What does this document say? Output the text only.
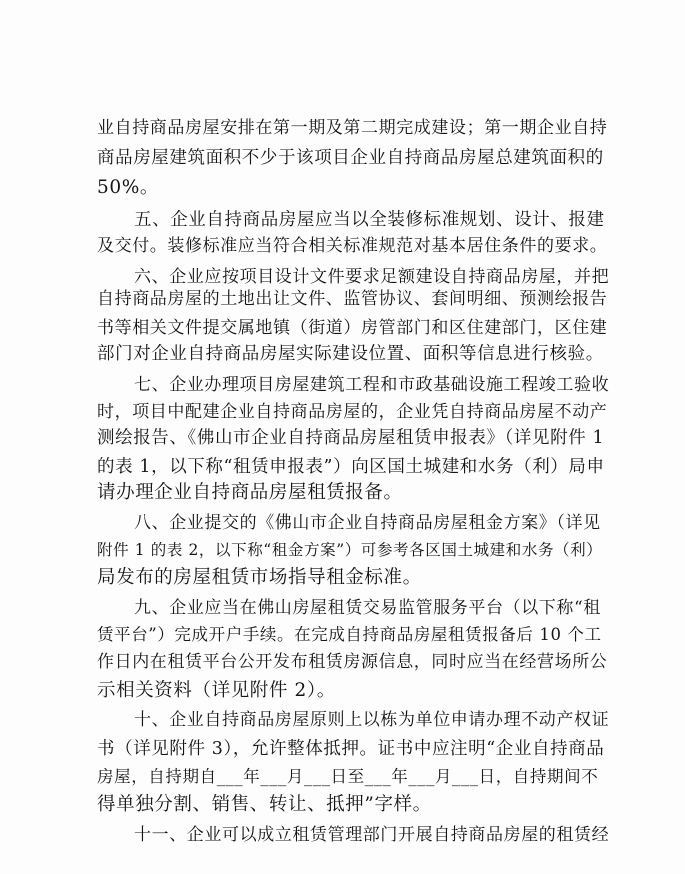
业自持商品房屋安排在第一期及第二期完成建设；第一期企业自持
商品房屋建筑面积不少于该项目企业自持商品房屋总建筑面积的
50%。
五、企业自持商品房屋应当以全装修标准规划、设计、报建
及交付。装修标准应当符合相关标准规范对基本居住条件的要求。
六、企业应按项目设计文件要求足额建设自持商品房屋，并把
自持商品房屋的土地出让文件、监管协议、套间明细、预测绘报告
书等相关文件提交属地镇（街道）房管部门和区住建部门，区住建
部门对企业自持商品房屋实际建设位置、面积等信息进行核验。
七、企业办理项目房屋建筑工程和市政基础设施工程竣工验收
时，项目中配建企业自持商品房屋的，企业凭自持商品房屋不动产
测绘报告、《佛山市企业自持商品房屋租赁申报表》（详见附件 1
的表 1，以下称“租赁申报表”）向区国土城建和水务（利）局申
请办理企业自持商品房屋租赁报备。
八、企业提交的《佛山市企业自持商品房屋租金方案》（详见
附件 1 的表 2，以下称“租金方案”）可参考各区国土城建和水务（利）
局发布的房屋租赁市场指导租金标准。
九、企业应当在佛山房屋租赁交易监管服务平台（以下称“租
赁平台”）完成开户手续。在完成自持商品房屋租赁报备后 10 个工
作日内在租赁平台公开发布租赁房源信息，同时应当在经营场所公
示相关资料（详见附件 2）。
十、企业自持商品房屋原则上以栋为单位申请办理不动产权证
书（详见附件 3），允许整体抵押。证书中应注明“企业自持商品
房屋，自持期自___年___月___日至___年___月___日，自持期间不
得单独分割、销售、转让、抵押”字样。
十一、企业可以成立租赁管理部门开展自持商品房屋的租赁经
